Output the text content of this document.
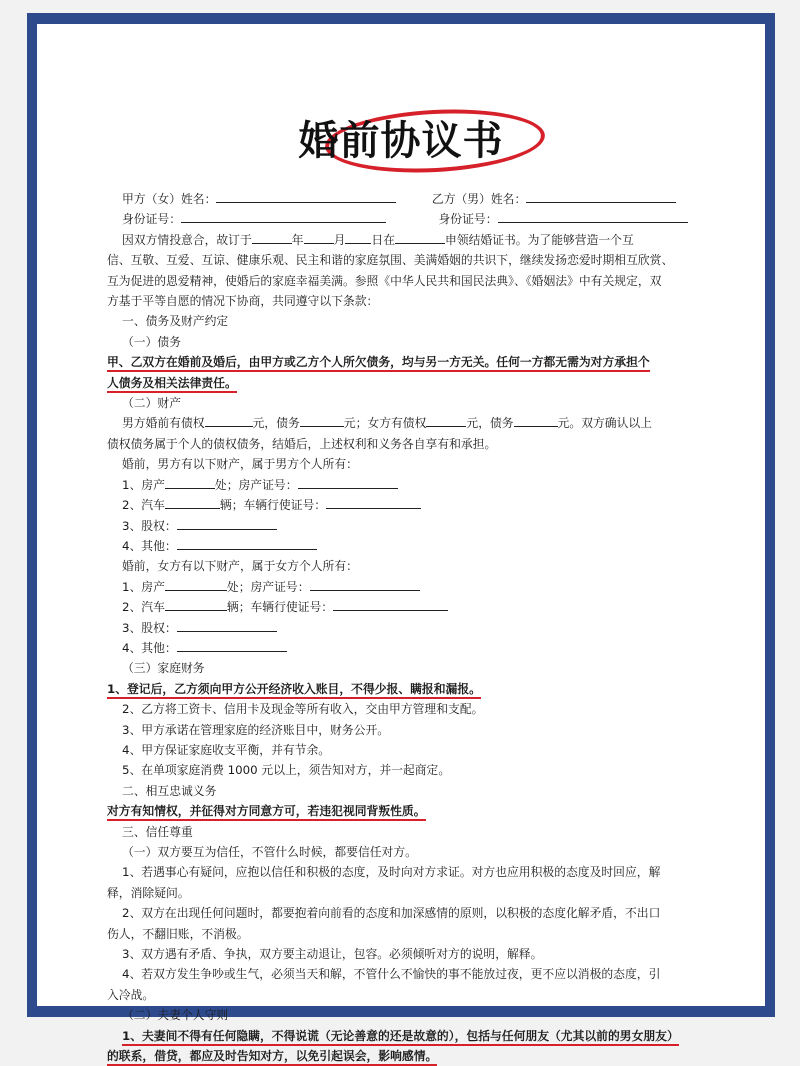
婚前协议书
甲方（女）姓名：	乙方（男）姓名：
身份证号：	身份证号：
因双方情投意合，故订于	年	月 日在	申领结婚证书。为了能够营造一个互
信、互敬、互爱、互谅、健康乐观、民主和谐的家庭氛围、美满婚姻的共识下，继续发扬恋爱时期相互欣赏、
互为促进的恩爱精神，使婚后的家庭幸福美满。参照《中华人民共和国民法典》、《婚姻法》中有关规定，双
方基于平等自愿的情况下协商，共同遵守以下条款：
一、债务及财产约定
（一）债务
甲、乙双方在婚前及婚后，由甲方或乙方个人所欠债务，均与另一方无关。任何一方都无需为对方承担个
人债务及相关法律责任。
（二）财产
男方婚前有债权	元，债务	元；女方有债权	元，债务	元。双方确认以上
债权债务属于个人的债权债务，结婚后，上述权利和义务各自享有和承担。
婚前，男方有以下财产，属于男方个人所有：
1、房产	处；房产证号：
2、汽车	辆；车辆行使证号：
3、股权：
4、其他：
婚前，女方有以下财产，属于女方个人所有：
1、房产	处；房产证号：
2、汽车	辆；车辆行使证号：
3、股权：
4、其他：
（三）家庭财务
1、登记后，乙方须向甲方公开经济收入账目，不得少报、瞒报和漏报。
2、乙方将工资卡、信用卡及现金等所有收入，交由甲方管理和支配。
3、甲方承诺在管理家庭的经济账目中，财务公开。
4、甲方保证家庭收支平衡，并有节余。
5、在单项家庭消费 1000 元以上，须告知对方，并一起商定。
二、相互忠诚义务
对方有知情权，并征得对方同意方可，若违犯视同背叛性质。
三、信任尊重
（一）双方要互为信任，不管什么时候，都要信任对方。
1、若遇事心有疑问，应抱以信任和积极的态度，及时向对方求证。对方也应用积极的态度及时回应，解
释，消除疑问。
2、双方在出现任何问题时，都要抱着向前看的态度和加深感情的原则，以积极的态度化解矛盾，不出口
伤人，不翻旧账，不消极。
3、双方遇有矛盾、争执，双方要主动退让，包容。必须倾听对方的说明，解释。
4、若双方发生争吵或生气，必须当天和解，不管什么不愉快的事不能放过夜，更不应以消极的态度，引
入冷战。
（二）夫妻个人守则
1、夫妻间不得有任何隐瞒，不得说谎（无论善意的还是故意的），包括与任何朋友（尤其以前的男女朋友）
的联系，借贷，都应及时告知对方，以免引起误会，影响感情。
